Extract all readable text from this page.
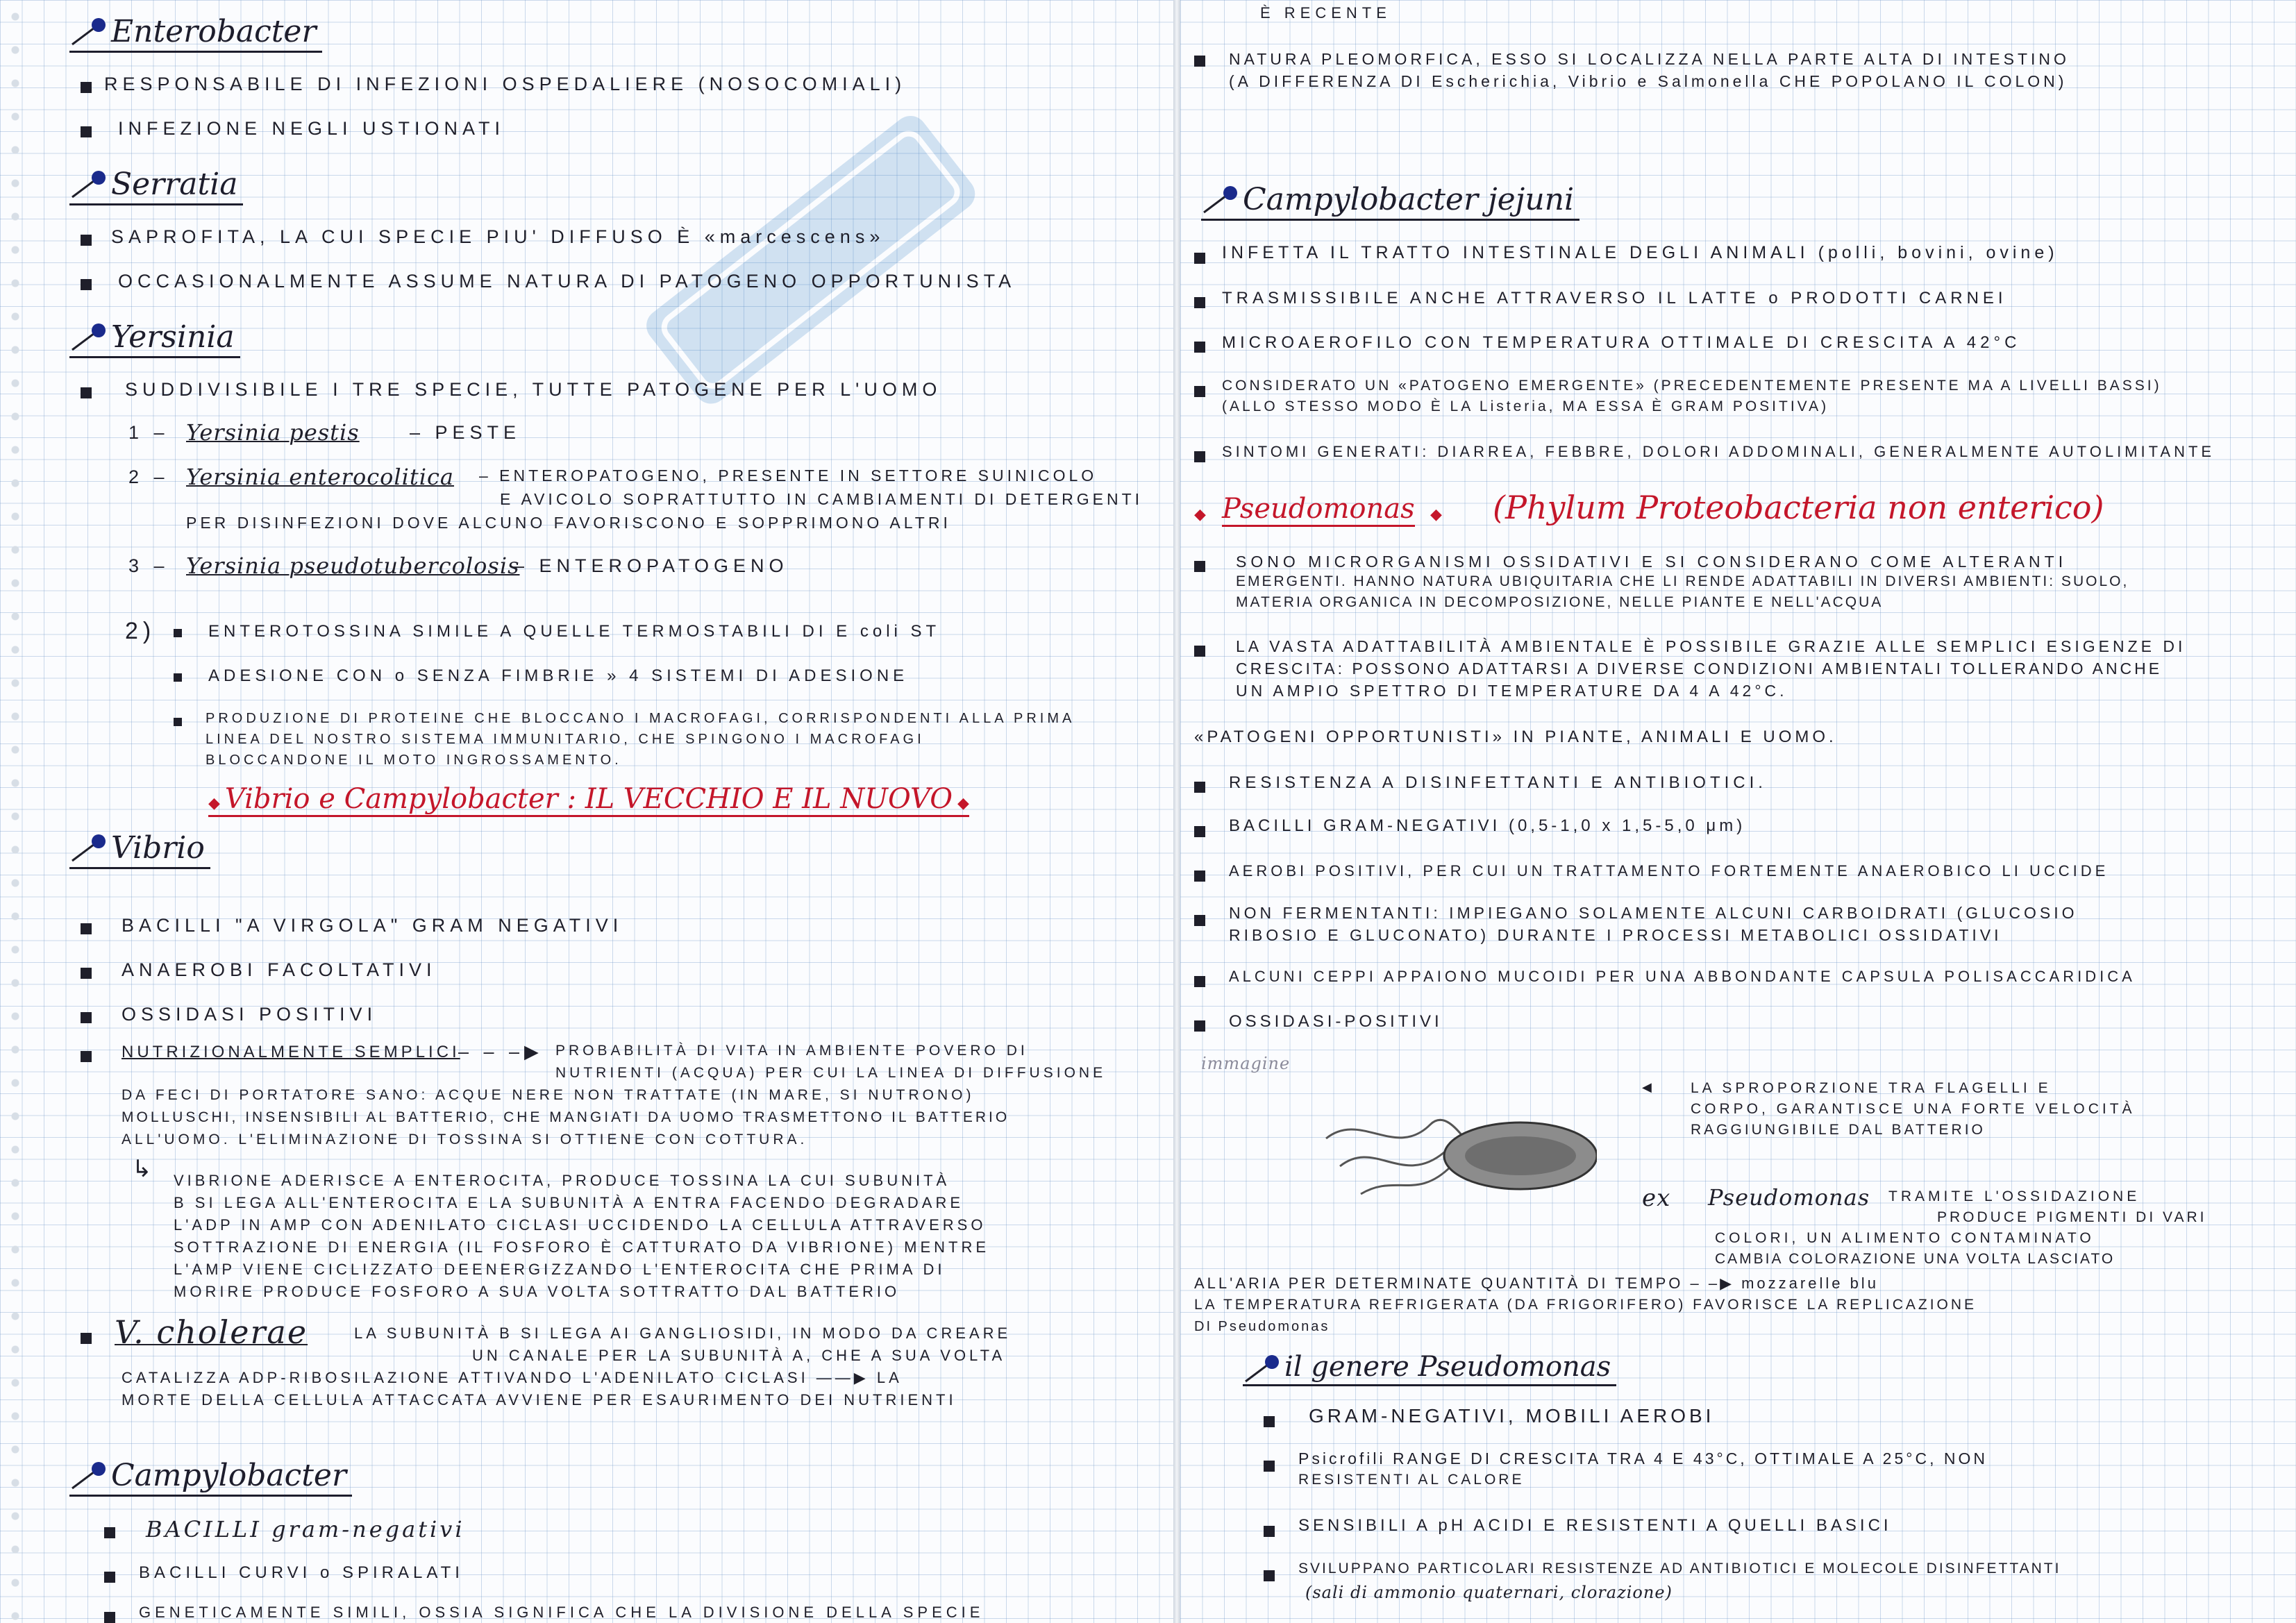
Enterobacter
RESPONSABILE DI INFEZIONI OSPEDALIERE (NOSOCOMIALI)
INFEZIONE NEGLI USTIONATI
Serratia
SAPROFITA, LA CUI SPECIE PIU' DIFFUSO È «marcescens»
OCCASIONALMENTE ASSUME NATURA DI PATOGENO OPPORTUNISTA
Yersinia
SUDDIVISIBILE I TRE SPECIE, TUTTE PATOGENE PER L'UOMO
1 – Yersinia pestis	– PESTE
2 – Yersinia enterocolitica – ENTEROPATOGENO, PRESENTE IN SETTORE SUINICOLO
E AVICOLO SOPRATTUTTO IN CAMBIAMENTI DI DETERGENTI
PER DISINFEZIONI DOVE ALCUNO FAVORISCONO E SOPPRIMONO ALTRI
3 – Yersinia pseudotubercolosis
– ENTEROPATOGENO
2)	ENTEROTOSSINA SIMILE A QUELLE TERMOSTABILI DI E coli ST
ADESIONE CON o SENZA FIMBRIE » 4 SISTEMI DI ADESIONE
PRODUZIONE DI PROTEINE CHE BLOCCANO I MACROFAGI, CORRISPONDENTI ALLA PRIMA
LINEA DEL NOSTRO SISTEMA IMMUNITARIO, CHE SPINGONO I MACROFAGI
BLOCCANDONE IL MOTO INGROSSAMENTO.
◆ Vibrio e Campylobacter : IL VECCHIO E IL NUOVO ◆
Vibrio
BACILLI "A VIRGOLA" GRAM NEGATIVI
ANAEROBI FACOLTATIVI
OSSIDASI POSITIVI
NUTRIZIONALMENTE SEMPLICI
– – –▶ PROBABILITÀ DI VITA IN AMBIENTE POVERO DI
NUTRIENTI (ACQUA) PER CUI LA LINEA DI DIFFUSIONE
DA FECI DI PORTATORE SANO: ACQUE NERE NON TRATTATE (IN MARE, SI NUTRONO)
MOLLUSCHI, INSENSIBILI AL BATTERIO, CHE MANGIATI DA UOMO TRASMETTONO IL BATTERIO
ALL'UOMO. L'ELIMINAZIONE DI TOSSINA SI OTTIENE CON COTTURA.
↳ VIBRIONE ADERISCE A ENTEROCITA, PRODUCE TOSSINA LA CUI SUBUNITÀ
B SI LEGA ALL'ENTEROCITA E LA SUBUNITÀ A ENTRA FACENDO DEGRADARE
L'ADP IN AMP CON ADENILATO CICLASI UCCIDENDO LA CELLULA ATTRAVERSO
SOTTRAZIONE DI ENERGIA (IL FOSFORO È CATTURATO DA VIBRIONE) MENTRE
L'AMP VIENE CICLIZZATO DEENERGIZZANDO L'ENTEROCITA CHE PRIMA DI
MORIRE PRODUCE FOSFORO A SUA VOLTA SOTTRATTO DAL BATTERIO
V. cholerae	LA SUBUNITÀ B SI LEGA AI GANGLIOSIDI, IN MODO DA CREARE
UN CANALE PER LA SUBUNITÀ A, CHE A SUA VOLTA
CATALIZZA ADP-RIBOSILAZIONE ATTIVANDO L'ADENILATO CICLASI ——▶ LA
MORTE DELLA CELLULA ATTACCATA AVVIENE PER ESAURIMENTO DEI NUTRIENTI
Campylobacter
BACILLI gram-negativi
BACILLI CURVI o SPIRALATI
GENETICAMENTE SIMILI, OSSIA SIGNIFICA CHE LA DIVISIONE DELLA SPECIE
È RECENTE
NATURA PLEOMORFICA, ESSO SI LOCALIZZA NELLA PARTE ALTA DI INTESTINO
(A DIFFERENZA DI Escherichia, Vibrio e Salmonella CHE POPOLANO IL COLON)
Campylobacter jejuni
INFETTA IL TRATTO INTESTINALE DEGLI ANIMALI (polli, bovini, ovine)
TRASMISSIBILE ANCHE ATTRAVERSO IL LATTE o PRODOTTI CARNEI
MICROAEROFILO CON TEMPERATURA OTTIMALE DI CRESCITA A 42°C
CONSIDERATO UN «PATOGENO EMERGENTE» (PRECEDENTEMENTE PRESENTE MA A LIVELLI BASSI)
(ALLO STESSO MODO È LA Listeria, MA ESSA È GRAM POSITIVA)
SINTOMI GENERATI: DIARREA, FEBBRE, DOLORI ADDOMINALI, GENERALMENTE AUTOLIMITANTE
◆ Pseudomonas ◆ (Phylum Proteobacteria non enterico)
SONO MICRORGANISMI OSSIDATIVI E SI CONSIDERANO COME ALTERANTI
EMERGENTI. HANNO NATURA UBIQUITARIA CHE LI RENDE ADATTABILI IN DIVERSI AMBIENTI: SUOLO,
MATERIA ORGANICA IN DECOMPOSIZIONE, NELLE PIANTE E NELL'ACQUA
LA VASTA ADATTABILITÀ AMBIENTALE È POSSIBILE GRAZIE ALLE SEMPLICI ESIGENZE DI
CRESCITA: POSSONO ADATTARSI A DIVERSE CONDIZIONI AMBIENTALI TOLLERANDO ANCHE
UN AMPIO SPETTRO DI TEMPERATURE DA 4 A 42°C.
«PATOGENI OPPORTUNISTI» IN PIANTE, ANIMALI E UOMO.
RESISTENZA A DISINFETTANTI E ANTIBIOTICI.
BACILLI GRAM-NEGATIVI (0,5-1,0 x 1,5-5,0 μm)
AEROBI POSITIVI, PER CUI UN TRATTAMENTO FORTEMENTE ANAEROBICO LI UCCIDE
NON FERMENTANTI: IMPIEGANO SOLAMENTE ALCUNI CARBOIDRATI (GLUCOSIO
RIBOSIO E GLUCONATO) DURANTE I PROCESSI METABOLICI OSSIDATIVI
ALCUNI CEPPI APPAIONO MUCOIDI PER UNA ABBONDANTE CAPSULA POLISACCARIDICA
OSSIDASI-POSITIVI
immagine
◀	LA SPROPORZIONE TRA FLAGELLI E
CORPO, GARANTISCE UNA FORTE VELOCITÀ
RAGGIUNGIBILE DAL BATTERIO
ex Pseudomonas TRAMITE L'OSSIDAZIONE
PRODUCE PIGMENTI DI VARI
COLORI, UN ALIMENTO CONTAMINATO
CAMBIA COLORAZIONE UNA VOLTA LASCIATO
ALL'ARIA PER DETERMINATE QUANTITÀ DI TEMPO – –▶ mozzarelle blu
LA TEMPERATURA REFRIGERATA (DA FRIGORIFERO) FAVORISCE LA REPLICAZIONE
DI Pseudomonas
il genere Pseudomonas
GRAM-NEGATIVI, MOBILI AEROBI
Psicrofili RANGE DI CRESCITA TRA 4 E 43°C, OTTIMALE A 25°C, NON
RESISTENTI AL CALORE
SENSIBILI A pH ACIDI E RESISTENTI A QUELLI BASICI
SVILUPPANO PARTICOLARI RESISTENZE AD ANTIBIOTICI E MOLECOLE DISINFETTANTI
(sali di ammonio quaternari, clorazione)
